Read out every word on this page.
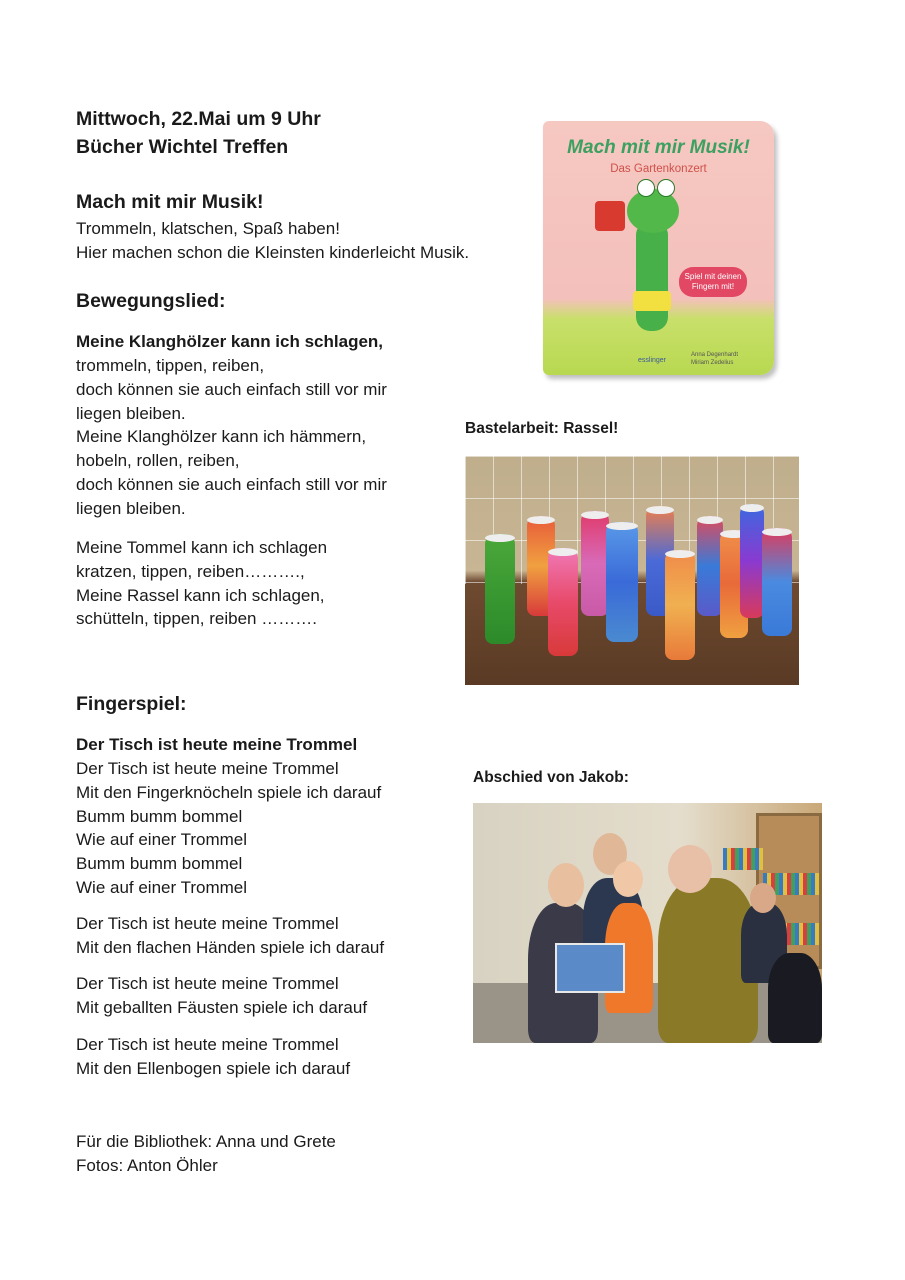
Mittwoch, 22.Mai um 9 Uhr
Bücher Wichtel Treffen
Mach mit mir Musik!
Trommeln, klatschen, Spaß haben!
Hier machen schon die Kleinsten kinderleicht Musik.
Bewegungslied:
Meine Klanghölzer kann ich schlagen,
trommeln, tippen, reiben,
doch können sie auch einfach still vor mir
liegen bleiben.
Meine Klanghölzer kann ich hämmern,
hobeln, rollen, reiben,
doch können sie auch einfach still vor mir
liegen bleiben.
Meine Tommel kann ich schlagen
kratzen, tippen, reiben……….,
Meine Rassel kann ich schlagen,
schütteln, tippen, reiben ……….
Fingerspiel:
Der Tisch ist heute meine Trommel
Der Tisch ist heute meine Trommel
Mit den Fingerknöcheln spiele ich darauf
Bumm bumm bommel
Wie auf einer Trommel
Bumm bumm bommel
Wie auf einer Trommel
Der Tisch ist heute meine Trommel
Mit den flachen Händen spiele ich darauf
Der Tisch ist heute meine Trommel
Mit geballten Fäusten spiele ich darauf
Der Tisch ist heute meine Trommel
Mit den Ellenbogen spiele ich darauf
Für die Bibliothek: Anna und Grete
Fotos: Anton Öhler
Mach mit mir Musik!
Das Gartenkonzert
Spiel mit deinen Fingern mit!
esslinger
Anna Degenhardt
Miriam Zedelius
Bastelarbeit: Rassel!
Abschied von Jakob:
